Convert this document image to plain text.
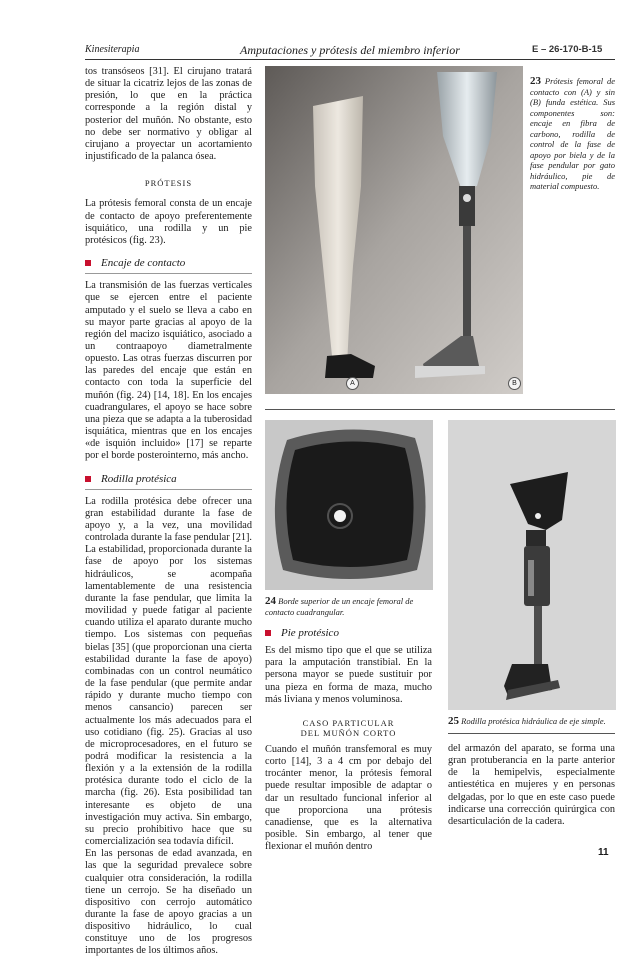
Kinesiterapia	Amputaciones y prótesis del miembro inferior	E – 26-170-B-15

tos transóseos [31]. El cirujano tratará de situar la cicatriz lejos de las zonas de presión, lo que en la práctica corresponde a la región distal y posterior del muñón. No obstante, esto no debe ser normativo y obligar al cirujano a proyectar un acortamiento injustificado de la palanca ósea.

PRÓTESIS

La prótesis femoral consta de un encaje de contacto de apoyo preferentemente isquiático, una rodilla y un pie protésicos (fig. 23).

Encaje de contacto

La transmisión de las fuerzas verticales que se ejercen entre el paciente amputado y el suelo se lleva a cabo en su mayor parte gracias al apoyo de la región del macizo isquiático, asociado a un contraapoyo diametralmente opuesto. Las otras fuerzas discurren por las paredes del encaje que están en contacto con toda la superficie del muñón (fig. 24) [14, 18]. En los encajes cuadrangulares, el apoyo se hace sobre una pieza que se adapta a la tuberosidad isquiática, mientras que en los encajes «de isquión incluido» [17] se reparte por el borde posterointerno, más ancho.

Rodilla protésica

La rodilla protésica debe ofrecer una gran estabilidad durante la fase de apoyo y, a la vez, una movilidad controlada durante la fase pendular [21]. La estabilidad, proporcionada durante la fase de apoyo por los sistemas hidráulicos, se acompaña lamentablemente de una resistencia durante la fase pendular, que limita la movilidad y puede fatigar al paciente cuando utiliza el aparato durante mucho tiempo. Los sistemas con pequeñas bielas [35] (que proporcionan una cierta estabilidad durante la fase de apoyo) combinadas con un control neumático de la fase pendular (que permite andar rápido y durante mucho tiempo con menos cansancio) parecen ser actualmente los más adecuados para el uso cotidiano (fig. 25). Gracias al uso de microprocesadores, en el futuro se podrá modificar la resistencia a la flexión y a la extensión de la rodilla protésica durante todo el ciclo de la marcha (fig. 26). Esta posibilidad tan interesante es objeto de una investigación muy activa. Sin embargo, su precio prohibitivo hace que su comercialización sea todavía difícil.

En las personas de edad avanzada, en las que la seguridad prevalece sobre cualquier otra consideración, la rodilla tiene un cerrojo. Se ha diseñado un dispositivo con cerrojo automático durante la fase de apoyo gracias a un dispositivo hidráulico, lo cual constituye uno de los progresos importantes de los últimos años.

A	B
23 Prótesis femoral de contacto con (A) y sin (B) funda estética. Sus componentes son: encaje en fibra de carbono, rodilla de control de la fase de apoyo por biela y de la fase pendular por gato hidráulico, pie de material compuesto.
24 Borde superior de un encaje femoral de contacto cuadrangular.
25 Rodilla protésica hidráulica de eje simple.
Pie protésico

Es del mismo tipo que el que se utiliza para la amputación transtibial. En la persona mayor se puede sustituir por una pieza en forma de maza, mucho más liviana y menos voluminosa.

CASO PARTICULAR
DEL MUÑÓN CORTO

Cuando el muñón transfemoral es muy corto [14], 3 a 4 cm por debajo del trocánter menor, la prótesis femoral puede resultar imposible de adaptar o dar un resultado funcional inferior al que proporciona una prótesis canadiense, que es la alternativa posible. Sin embargo, al tener que flexionar el muñón dentro

del armazón del aparato, se forma una gran protuberancia en la parte anterior de la hemipelvis, especialmente antiestética en mujeres y en personas delgadas, por lo que en este caso puede indicarse una corrección quirúrgica con desarticulación de la cadera.

11
